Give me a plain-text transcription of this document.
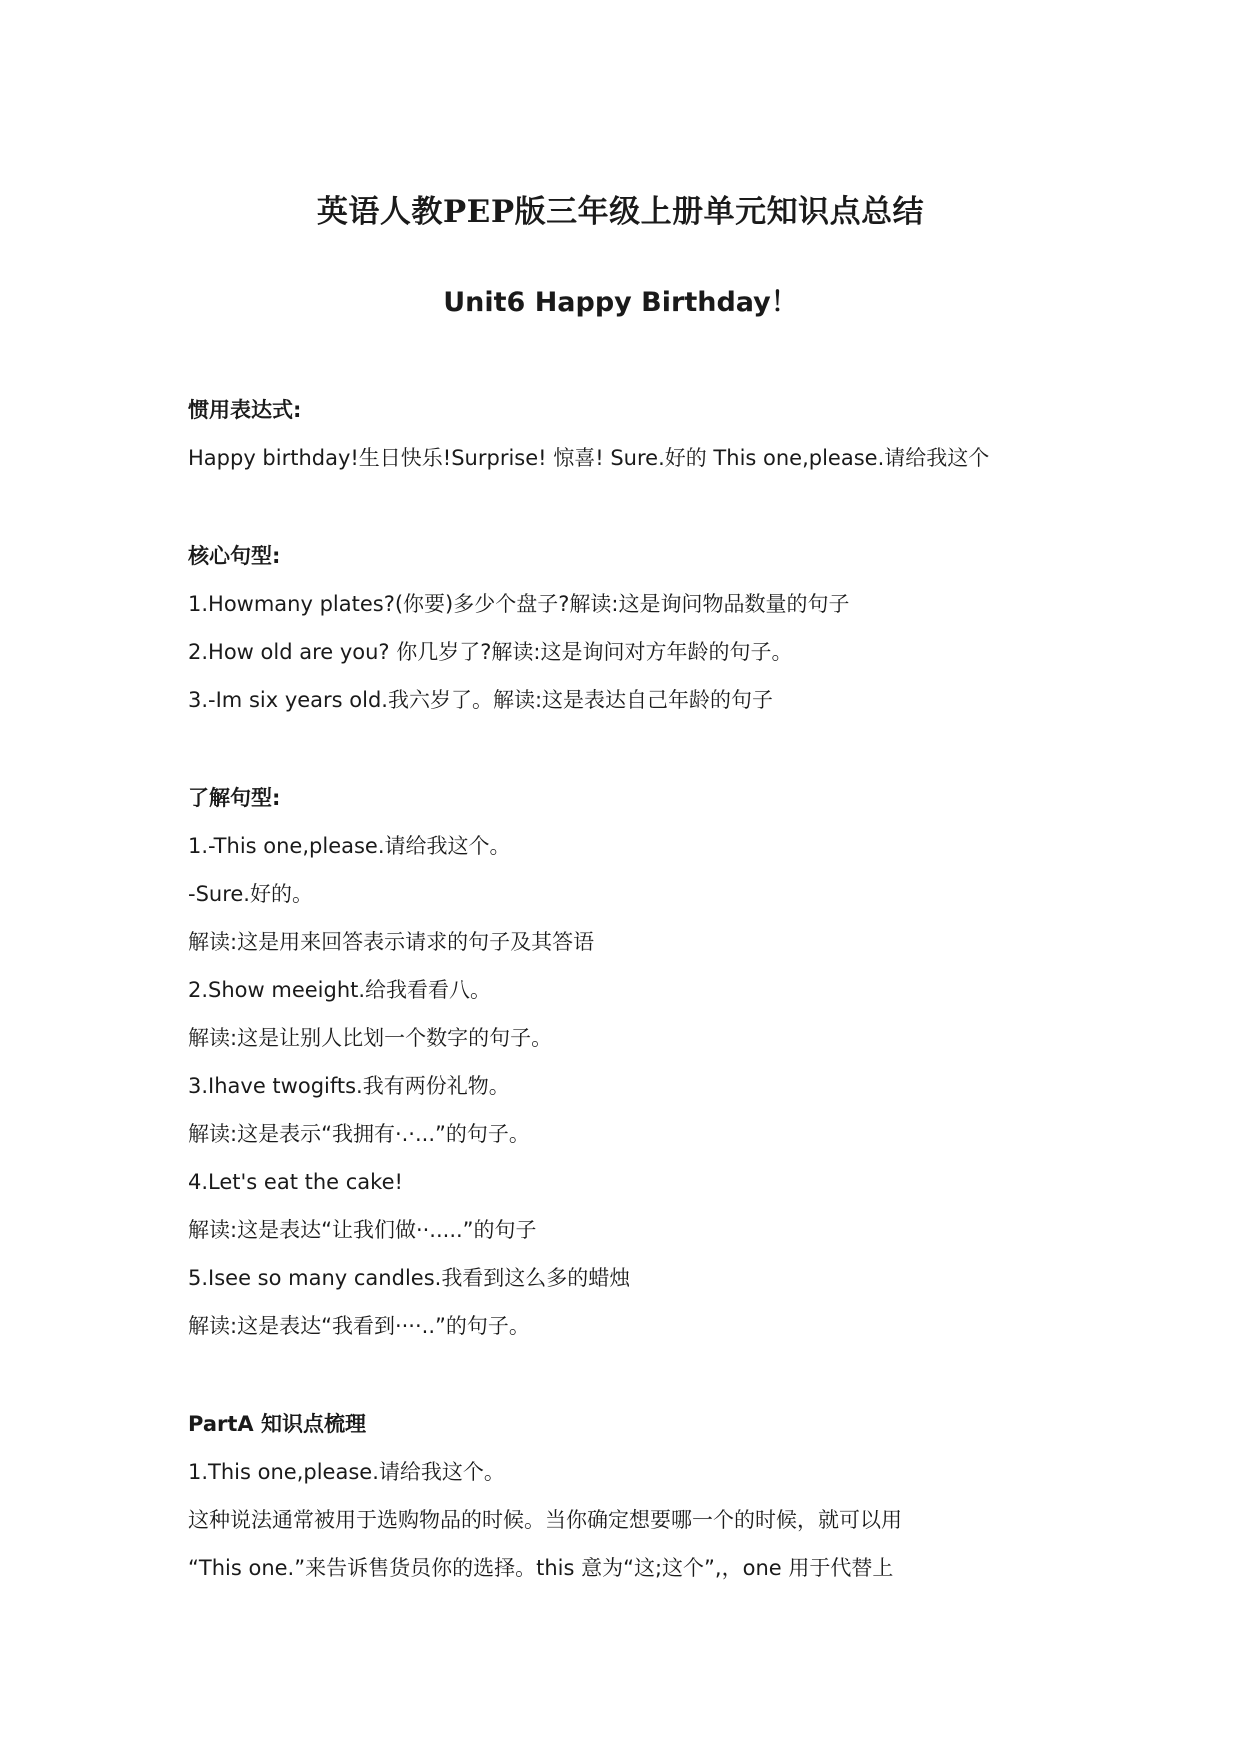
英语人教PEP版三年级上册单元知识点总结
Unit6 Happy Birthday！

惯用表达式:

Happy birthday!生日快乐!Surprise! 惊喜! Sure.好的 This one,please.请给我这个

核心句型:

1.Howmany plates?(你要)多少个盘子?解读:这是询问物品数量的句子

2.How old are you? 你几岁了?解读:这是询问对方年龄的句子。

3.-Im six years old.我六岁了。解读:这是表达自己年龄的句子

了解句型:

1.-This one,please.请给我这个。

-Sure.好的。

解读:这是用来回答表示请求的句子及其答语

2.Show meeight.给我看看八。

解读:这是让别人比划一个数字的句子。

3.Ihave twogifts.我有两份礼物。

解读:这是表示“我拥有·.·...”的句子。

4.Let's eat the cake!

解读:这是表达“让我们做··.....”的句子

5.Isee so many candles.我看到这么多的蜡烛

解读:这是表达“我看到····..”的句子。

PartA 知识点梳理

1.This one,please.请给我这个。

这种说法通常被用于选购物品的时候。当你确定想要哪一个的时候，就可以用

“This one.”来告诉售货员你的选择。this 意为“这;这个”,，one 用于代替上
